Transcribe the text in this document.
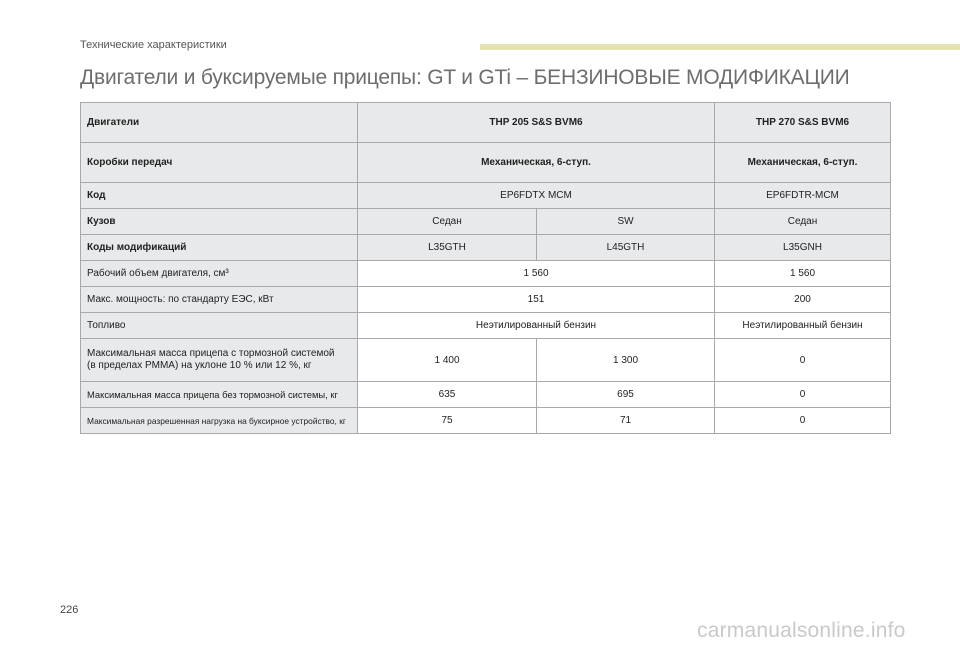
Технические характеристики
Двигатели и буксируемые прицепы: GT и GTi – БЕНЗИНОВЫЕ МОДИФИКАЦИИ
Двигатели	THP 205 S&S BVM6		THP 270 S&S BVM6
Коробки передач	Механическая, 6-ступ.		Механическая, 6-ступ.
Код	EP6FDTX MCM		EP6FDTR-MCM
Кузов	Седан	SW	Седан
Коды модификаций	L35GTH	L45GTH	L35GNH
Рабочий объем двигателя, см³	1 560		1 560
Макс. мощность: по стандарту ЕЭС, кВт	151		200
Топливо	Неэтилированный бензин		Неэтилированный бензин

Максимальная масса прицепа с тормозной системой
(в пределах PMMA) на уклоне 10 % или 12 %, кг	1 400	1 300	0
Максимальная масса прицепа без тормозной системы, кг	635	695	0
Максимальная разрешенная нагрузка на буксирное устройство, кг	75	71	0
226
carmanualsonline.info
